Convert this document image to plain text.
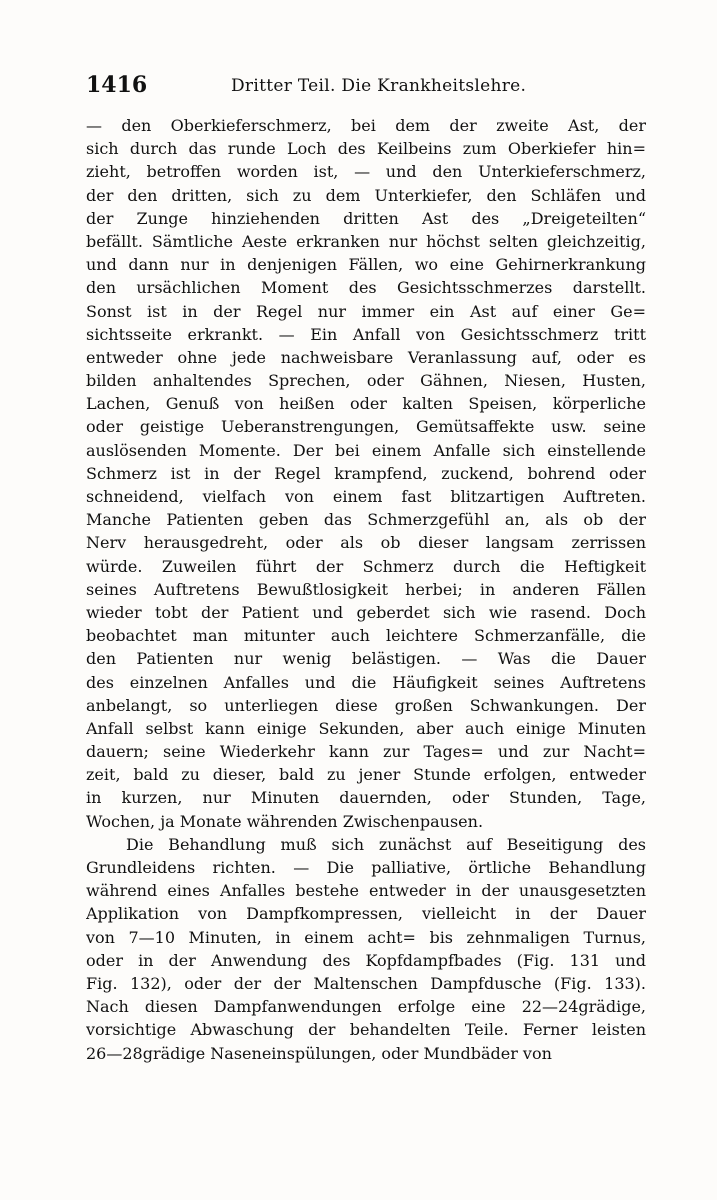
1416	Dritter Teil. Die Krankheitslehre.
— den Oberkieferschmerz, bei dem der zweite Ast, der
sich durch das runde Loch des Keilbeins zum Oberkiefer hin=
zieht, betroffen worden ist, — und den Unterkieferschmerz,
der den dritten, sich zu dem Unterkiefer, den Schläfen und
der Zunge hinziehenden dritten Ast des „Dreigeteilten“
befällt. Sämtliche Aeste erkranken nur höchst selten gleichzeitig,
und dann nur in denjenigen Fällen, wo eine Gehirnerkrankung
den ursächlichen Moment des Gesichtsschmerzes darstellt.
Sonst ist in der Regel nur immer ein Ast auf einer Ge=
sichtsseite erkrankt. — Ein Anfall von Gesichtsschmerz tritt
entweder ohne jede nachweisbare Veranlassung auf, oder es
bilden anhaltendes Sprechen, oder Gähnen, Niesen, Husten,
Lachen, Genuß von heißen oder kalten Speisen, körperliche
oder geistige Ueberanstrengungen, Gemütsaffekte usw. seine
auslösenden Momente. Der bei einem Anfalle sich einstellende
Schmerz ist in der Regel krampfend, zuckend, bohrend oder
schneidend, vielfach von einem fast blitzartigen Auftreten.
Manche Patienten geben das Schmerzgefühl an, als ob der
Nerv herausgedreht, oder als ob dieser langsam zerrissen
würde. Zuweilen führt der Schmerz durch die Heftigkeit
seines Auftretens Bewußtlosigkeit herbei; in anderen Fällen
wieder tobt der Patient und geberdet sich wie rasend. Doch
beobachtet man mitunter auch leichtere Schmerzanfälle, die
den Patienten nur wenig belästigen. — Was die Dauer
des einzelnen Anfalles und die Häufigkeit seines Auftretens
anbelangt, so unterliegen diese großen Schwankungen. Der
Anfall selbst kann einige Sekunden, aber auch einige Minuten
dauern; seine Wiederkehr kann zur Tages= und zur Nacht=
zeit, bald zu dieser, bald zu jener Stunde erfolgen, entweder
in kurzen, nur Minuten dauernden, oder Stunden, Tage,
Wochen, ja Monate währenden Zwischenpausen.
Die Behandlung muß sich zunächst auf Beseitigung des
Grundleidens richten. — Die palliative, örtliche Behandlung
während eines Anfalles bestehe entweder in der unausgesetzten
Applikation von Dampfkompressen, vielleicht in der Dauer
von 7—10 Minuten, in einem acht= bis zehnmaligen Turnus,
oder in der Anwendung des Kopfdampfbades (Fig. 131 und
Fig. 132), oder der der Maltenschen Dampfdusche (Fig. 133).
Nach diesen Dampfanwendungen erfolge eine 22—24grädige,
vorsichtige Abwaschung der behandelten Teile. Ferner leisten
26—28grädige Naseneinspülungen, oder Mundbäder von
